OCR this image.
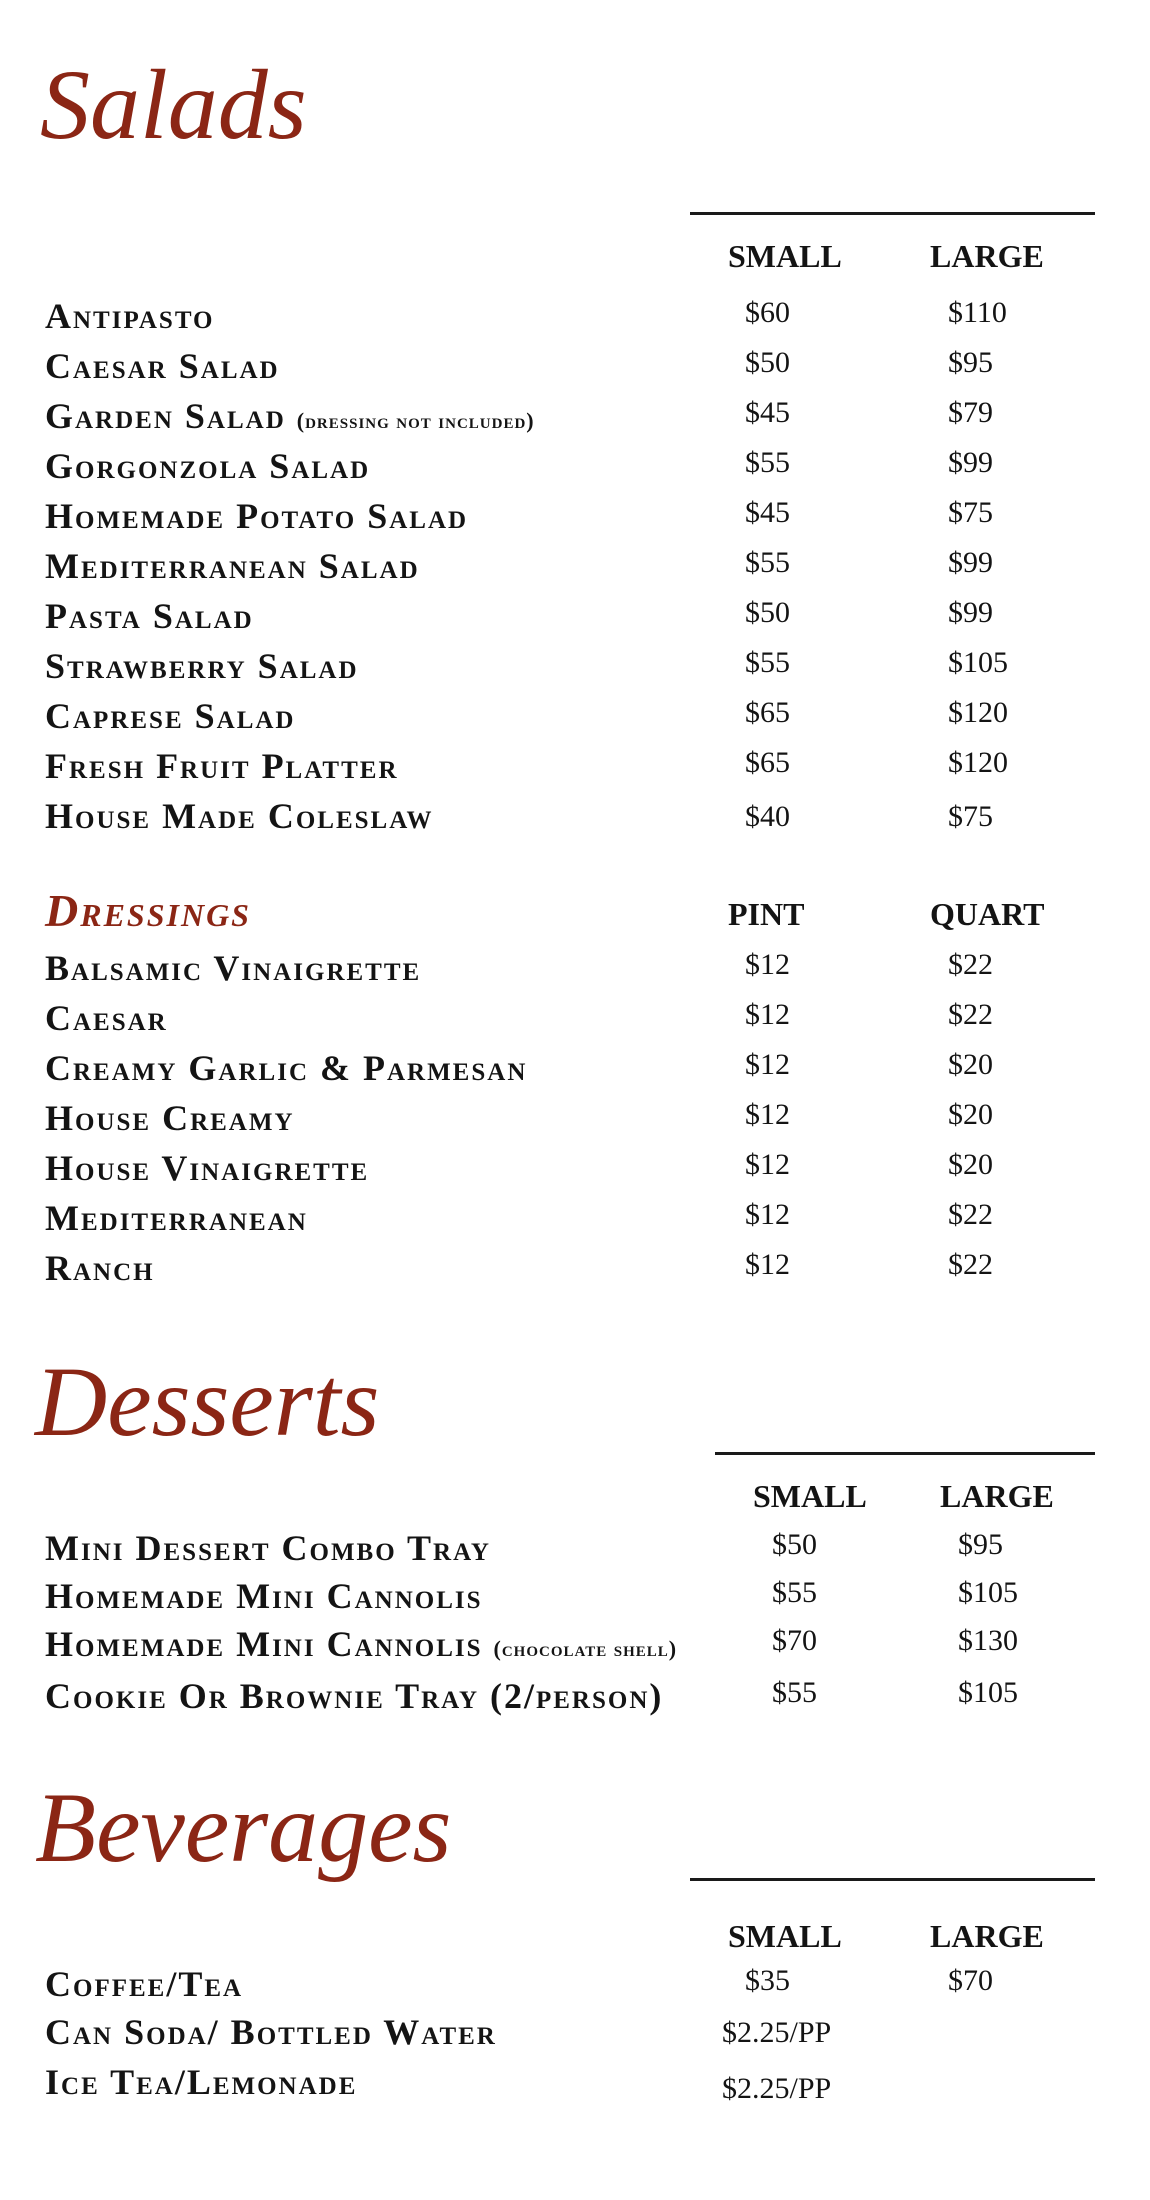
Salads
SMALL	LARGE
Antipasto	$60	$110
Caesar Salad	$50	$95
Garden Salad (dressing not included)	$45	$79
Gorgonzola Salad	$55	$99
Homemade Potato Salad	$45	$75
Mediterranean Salad	$55	$99
Pasta Salad	$50	$99
Strawberry Salad	$55	$105
Caprese Salad	$65	$120
Fresh Fruit Platter	$65	$120
House Made Coleslaw	$40	$75
Dressings	PINT	QUART
Balsamic Vinaigrette	$12	$22
Caesar	$12	$22
Creamy Garlic & Parmesan	$12	$20
House Creamy	$12	$20
House Vinaigrette	$12	$20
Mediterranean	$12	$22
Ranch	$12	$22
Desserts
SMALL LARGE
Mini Dessert Combo Tray	$50	$95
Homemade Mini Cannolis	$55	$105
Homemade Mini Cannolis (chocolate shell)	$70	$130
Cookie Or Brownie Tray (2/person)	$55	$105
Beverages
SMALL	LARGE
Coffee/Tea	$35	$70
Can Soda/ Bottled Water	$2.25/PP
Ice Tea/Lemonade	$2.25/PP
